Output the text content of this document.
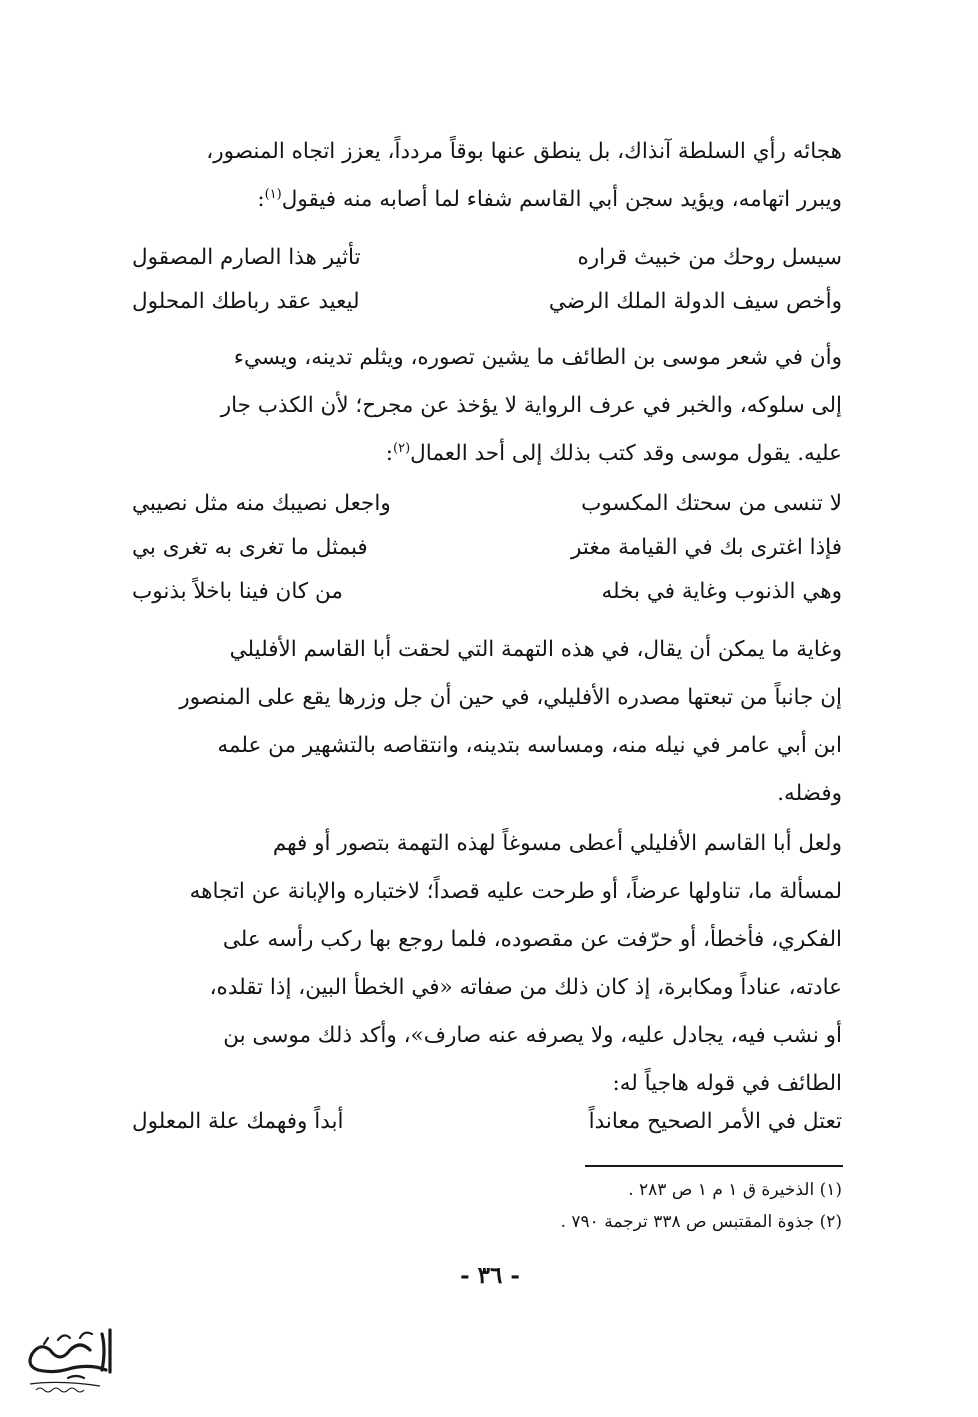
هجائه رأي السلطة آنذاك، بل ينطق عنها بوقاً مردداً، يعزز اتجاه المنصور،
ويبرر اتهامه، ويؤيد سجن أبي القاسم شفاء لما أصابه منه فيقول$^{(١)}$:
سيسل روحك من خبيث قراره
تأثير هذا الصارم المصقول
وأخص سيف الدولة الملك الرضي
ليعيد عقد رباطك المحلول
وأن في شعر موسى بن الطائف ما يشين تصوره، ويثلم تدينه، ويسيء
إلى سلوكه، والخبر في عرف الرواية لا يؤخذ عن مجرح؛ لأن الكذب جار
عليه. يقول موسى وقد كتب بذلك إلى أحد العمال$^{(٢)}$:
لا تنسى من سحتك المكسوب
واجعل نصيبك منه مثل نصيبي
فإذا اغترى بك في القيامة مغتر
فبمثل ما تغرى به تغرى بي
وهي الذنوب وغاية في بخله
من كان فينا باخلاً بذنوب
وغاية ما يمكن أن يقال، في هذه التهمة التي لحقت أبا القاسم الأفليلي
إن جانباً من تبعتها مصدره الأفليلي، في حين أن جل وزرها يقع على المنصور
ابن أبي عامر في نيله منه، ومساسه بتدينه، وانتقاصه بالتشهير من علمه
وفضله.
ولعل أبا القاسم الأفليلي أعطى مسوغاً لهذه التهمة بتصور أو فهم
لمسألة ما، تناولها عرضاً، أو طرحت عليه قصداً؛ لاختباره والإبانة عن اتجاهه
الفكري، فأخطأ، أو حرّفت عن مقصوده، فلما روجع بها ركب رأسه على
عادته، عناداً ومكابرة، إذ كان ذلك من صفاته «في الخطأ البين، إذا تقلده،
أو نشب فيه، يجادل عليه، ولا يصرفه عنه صارف»، وأكد ذلك موسى بن
الطائف في قوله هاجياً له:
تعتل في الأمر الصحيح معانداً
أبداً وفهمك علة المعلول
(١) الذخيرة ق ١ م ١ ص ٢٨٣ .
(٢) جذوة المقتبس ص ٣٣٨ ترجمة ٧٩٠ .
- ٣٦ -
